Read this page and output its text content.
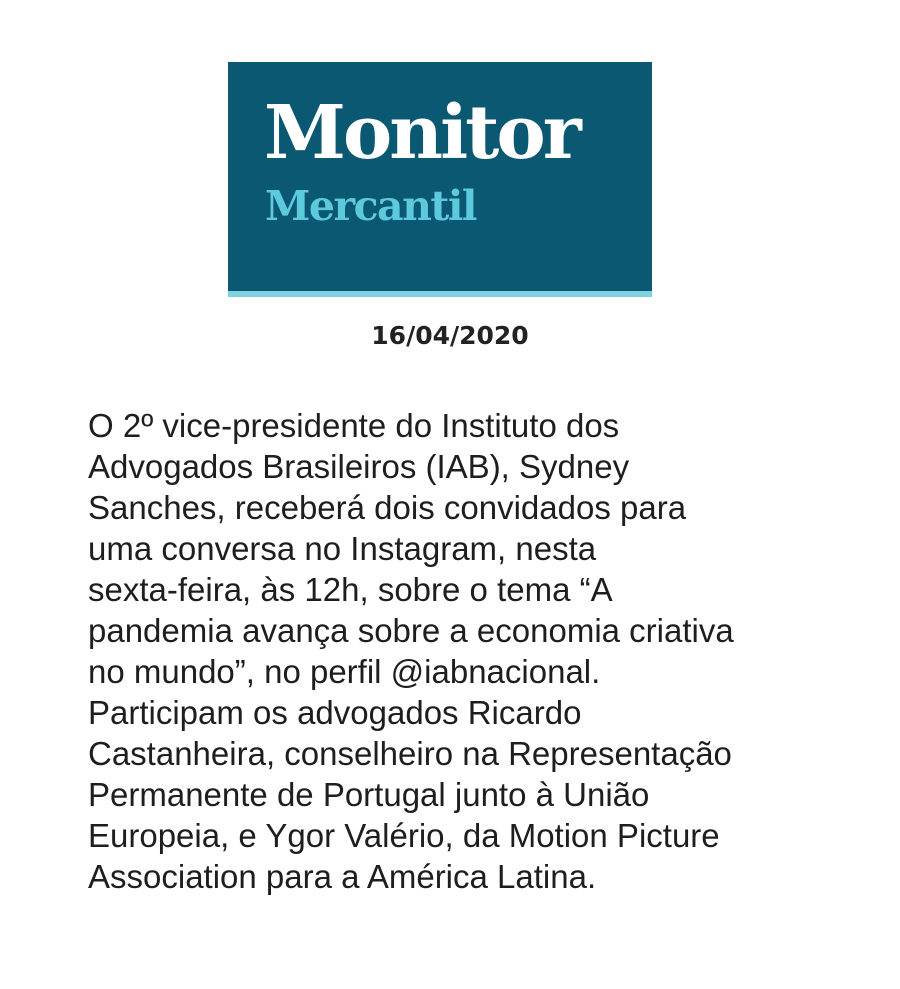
Monitor
Mercantil
16/04/2020
O 2º vice-presidente do Instituto dos
Advogados Brasileiros (IAB), Sydney
Sanches, receberá dois convidados para
uma conversa no Instagram, nesta
sexta-feira, às 12h, sobre o tema “A
pandemia avança sobre a economia criativa
no mundo”, no perfil @iabnacional.
Participam os advogados Ricardo
Castanheira, conselheiro na Representação
Permanente de Portugal junto à União
Europeia, e Ygor Valério, da Motion Picture
Association para a América Latina.
